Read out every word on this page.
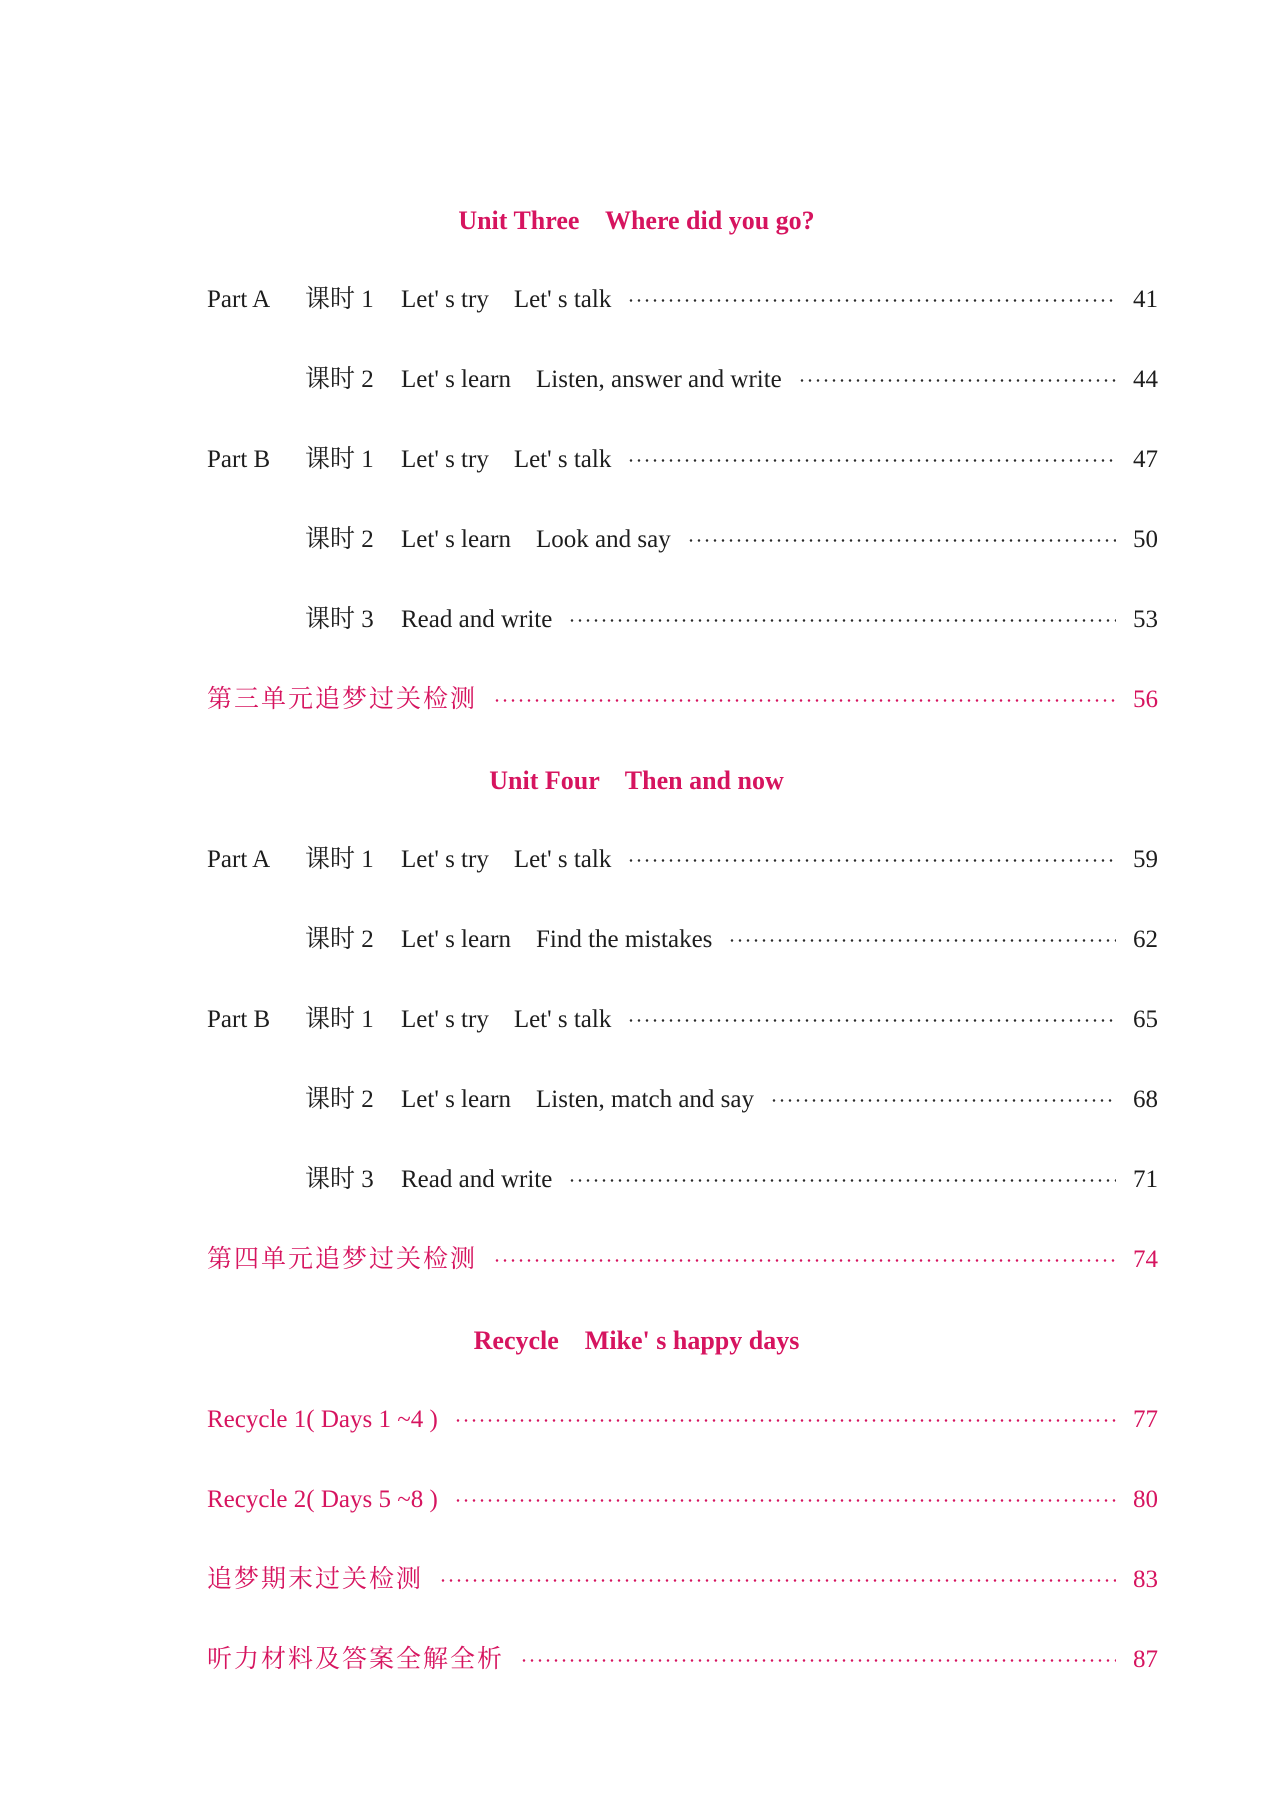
Unit Three    Where did you go?
Part A	课时 1	Let' s try    Let' s talk	41
课时 2	Let' s learn    Listen, answer and write	44
Part B	课时 1	Let' s try    Let' s talk	47
课时 2	Let' s learn    Look and say	50
课时 3	Read and write	53
第三单元追梦过关检测	56
Unit Four    Then and now
Part A	课时 1	Let' s try    Let' s talk	59
课时 2	Let' s learn    Find the mistakes	62
Part B	课时 1	Let' s try    Let' s talk	65
课时 2	Let' s learn    Listen, match and say	68
课时 3	Read and write	71
第四单元追梦过关检测	74
Recycle    Mike' s happy days
Recycle 1( Days 1 ~4 )	77
Recycle 2( Days 5 ~8 )	80
追梦期末过关检测	83
听力材料及答案全解全析	87
